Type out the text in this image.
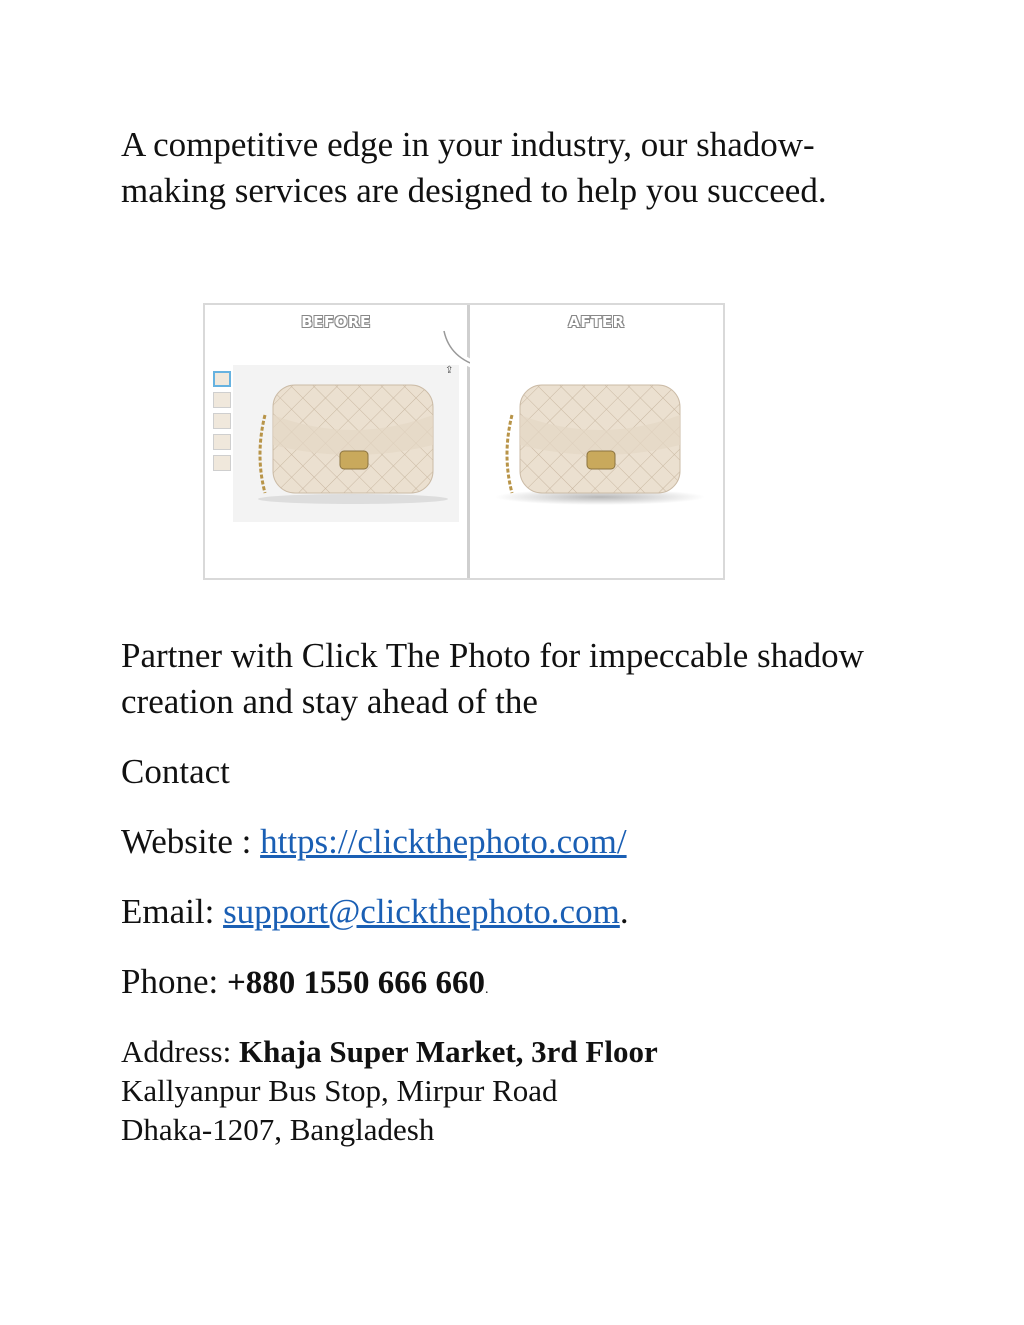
A competitive edge in your industry, our shadow-making services are designed to help you succeed.

BEFORE
⇪
AFTER

Partner with Click The Photo for impeccable shadow creation and stay ahead of the

Contact
Website : https://clickthephoto.com/
Email: support@clickthephoto.com.
Phone: +880 1550 666 660.
Address: Khaja Super Market, 3rd Floor
Kallyanpur Bus Stop, Mirpur Road
Dhaka-1207, Bangladesh
